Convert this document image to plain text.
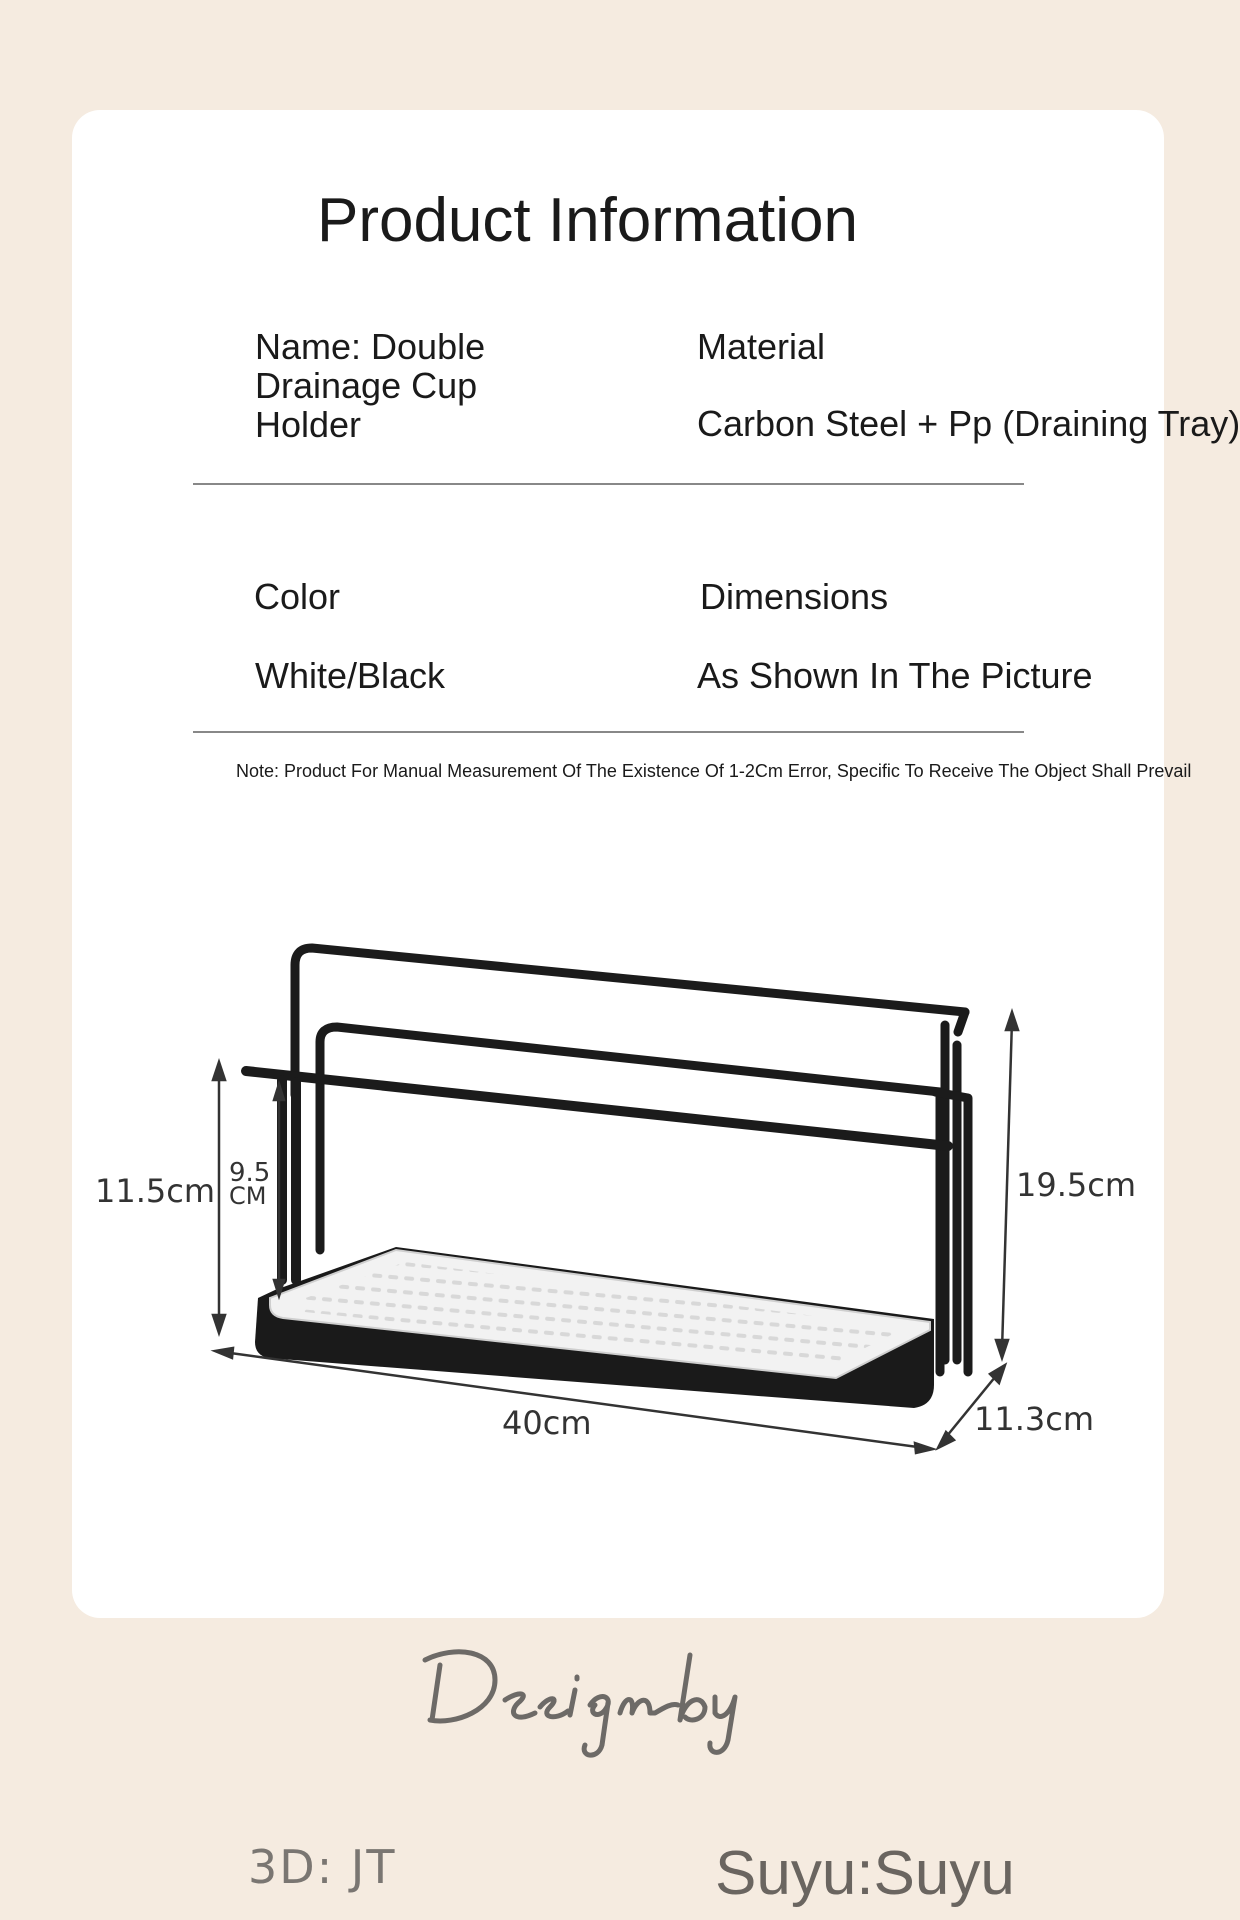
Product Information
Name: Double Drainage Cup Holder
Material
Carbon Steel + Pp (Draining Tray)
Color	Dimensions
White/Black	As Shown In The Picture
Note: Product For Manual Measurement Of The Existence Of 1-2Cm Error, Specific To Receive The Object Shall Prevail
11.5cm 9.5
CM	19.5cm
40cm	11.3cm
3D: JT	Suyu:Suyu
